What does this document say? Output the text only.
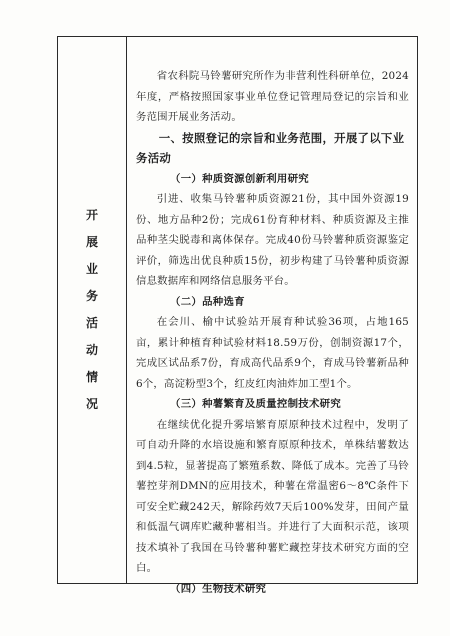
开
展
业
务
活
动
情
况

省农科院马铃薯研究所作为非营利性科研单位，2024年度，严格按照国家事业单位登记管理局登记的宗旨和业务范围开展业务活动。

一、按照登记的宗旨和业务范围，开展了以下业务活动
（一）种质资源创新利用研究

引进、收集马铃薯种质资源21份，其中国外资源19份、地方品种2份；完成61份育种材料、种质资源及主推品种茎尖脱毒和离体保存。完成40份马铃薯种质资源鉴定评价，筛选出优良种质15份，初步构建了马铃薯种质资源信息数据库和网络信息服务平台。

（二）品种选育

在会川、榆中试验站开展育种试验36项，占地165亩，累计种植育种试验材料18.59万份，创制资源17个，完成区试品系7份，育成高代品系9个，育成马铃薯新品种6个，高淀粉型3个，红皮红肉油炸加工型1个。

（三）种薯繁育及质量控制技术研究

在继续优化提升雾培繁育原原种技术过程中，发明了可自动升降的水培设施和繁育原原种技术，单株结薯数达到4.5粒，显著提高了繁殖系数、降低了成本。完善了马铃薯控芽剂DMN的应用技术，种薯在常温密6～8℃条件下可安全贮藏242天，解除药效7天后100%发芽，田间产量和低温气调库贮藏种薯相当。并进行了大面积示范，该项技术填补了我国在马铃薯种薯贮藏控芽技术研究方面的空白。

（四）生物技术研究
